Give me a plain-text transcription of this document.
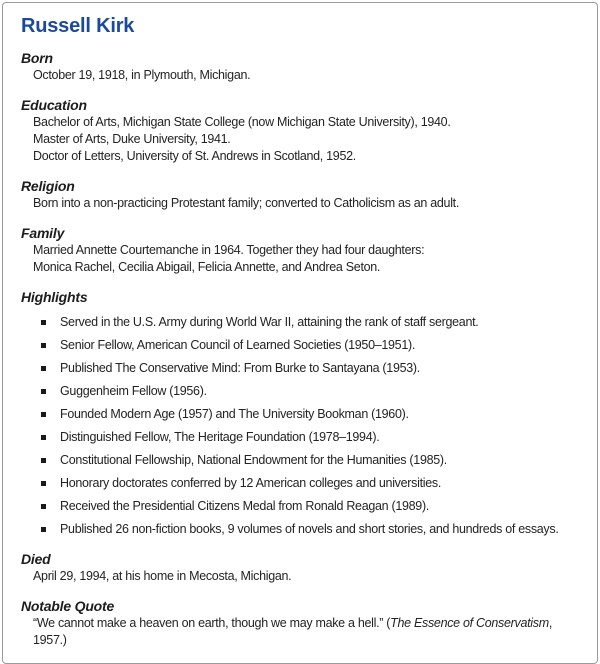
Russell Kirk
Born

October 19, 1918, in Plymouth, Michigan.

Education

Bachelor of Arts, Michigan State College (now Michigan State University), 1940.

Master of Arts, Duke University, 1941.

Doctor of Letters, University of St. Andrews in Scotland, 1952.

Religion

Born into a non-practicing Protestant family; converted to Catholicism as an adult.

Family

Married Annette Courtemanche in 1964. Together they had four daughters:

Monica Rachel, Cecilia Abigail, Felicia Annette, and Andrea Seton.

Highlights
Served in the U.S. Army during World War II, attaining the rank of staff sergeant.
Senior Fellow, American Council of Learned Societies (1950–1951).
Published The Conservative Mind: From Burke to Santayana (1953).
Guggenheim Fellow (1956).
Founded Modern Age (1957) and The University Bookman (1960).
Distinguished Fellow, The Heritage Foundation (1978–1994).
Constitutional Fellowship, National Endowment for the Humanities (1985).
Honorary doctorates conferred by 12 American colleges and universities.
Received the Presidential Citizens Medal from Ronald Reagan (1989).
Published 26 non-fiction books, 9 volumes of novels and short stories, and hundreds of essays.
Died

April 29, 1994, at his home in Mecosta, Michigan.

Notable Quote

“We cannot make a heaven on earth, though we may make a hell.” (The Essence of Conservatism, 1957.)
